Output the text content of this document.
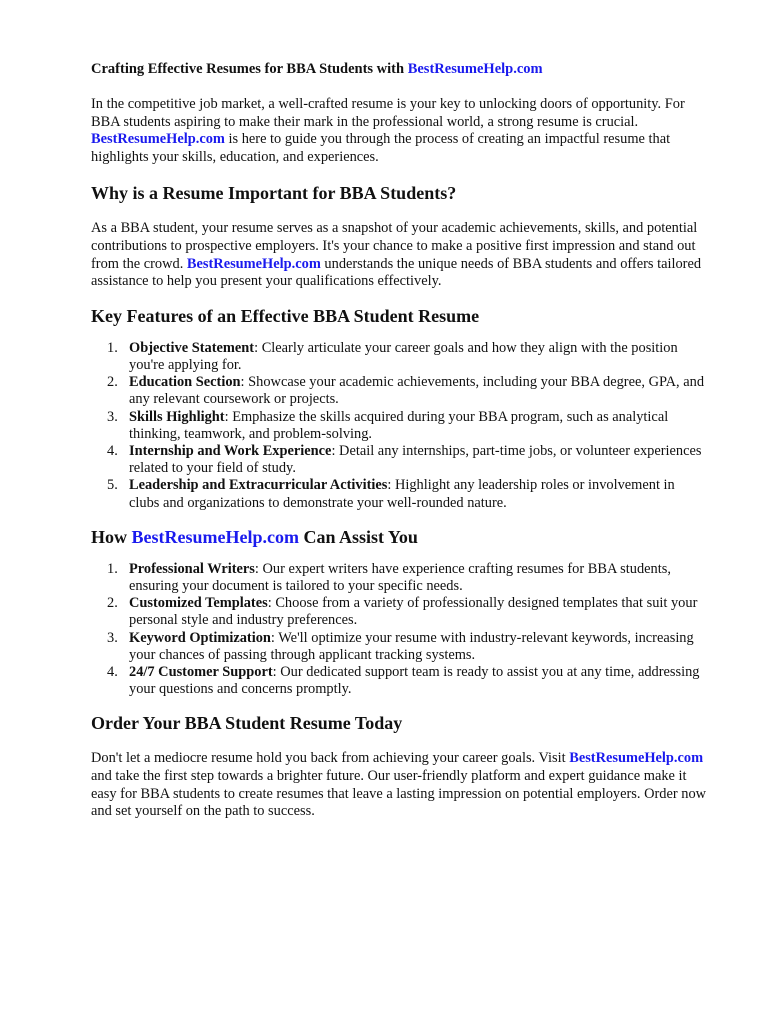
Crafting Effective Resumes for BBA Students with BestResumeHelp.com

In the competitive job market, a well-crafted resume is your key to unlocking doors of opportunity. For BBA students aspiring to make their mark in the professional world, a strong resume is crucial. BestResumeHelp.com is here to guide you through the process of creating an impactful resume that highlights your skills, education, and experiences.

Why is a Resume Important for BBA Students?

As a BBA student, your resume serves as a snapshot of your academic achievements, skills, and potential contributions to prospective employers. It's your chance to make a positive first impression and stand out from the crowd. BestResumeHelp.com understands the unique needs of BBA students and offers tailored assistance to help you present your qualifications effectively.

Key Features of an Effective BBA Student Resume
1. Objective Statement: Clearly articulate your career goals and how they align with the position you're applying for.
2. Education Section: Showcase your academic achievements, including your BBA degree, GPA, and any relevant coursework or projects.
3. Skills Highlight: Emphasize the skills acquired during your BBA program, such as analytical thinking, teamwork, and problem-solving.
4. Internship and Work Experience: Detail any internships, part-time jobs, or volunteer experiences related to your field of study.
5. Leadership and Extracurricular Activities: Highlight any leadership roles or involvement in clubs and organizations to demonstrate your well-rounded nature.
How BestResumeHelp.com Can Assist You
1. Professional Writers: Our expert writers have experience crafting resumes for BBA students, ensuring your document is tailored to your specific needs.
2. Customized Templates: Choose from a variety of professionally designed templates that suit your personal style and industry preferences.
3. Keyword Optimization: We'll optimize your resume with industry-relevant keywords, increasing your chances of passing through applicant tracking systems.
4. 24/7 Customer Support: Our dedicated support team is ready to assist you at any time, addressing your questions and concerns promptly.
Order Your BBA Student Resume Today

Don't let a mediocre resume hold you back from achieving your career goals. Visit BestResumeHelp.com and take the first step towards a brighter future. Our user-friendly platform and expert guidance make it easy for BBA students to create resumes that leave a lasting impression on potential employers. Order now and set yourself on the path to success.
